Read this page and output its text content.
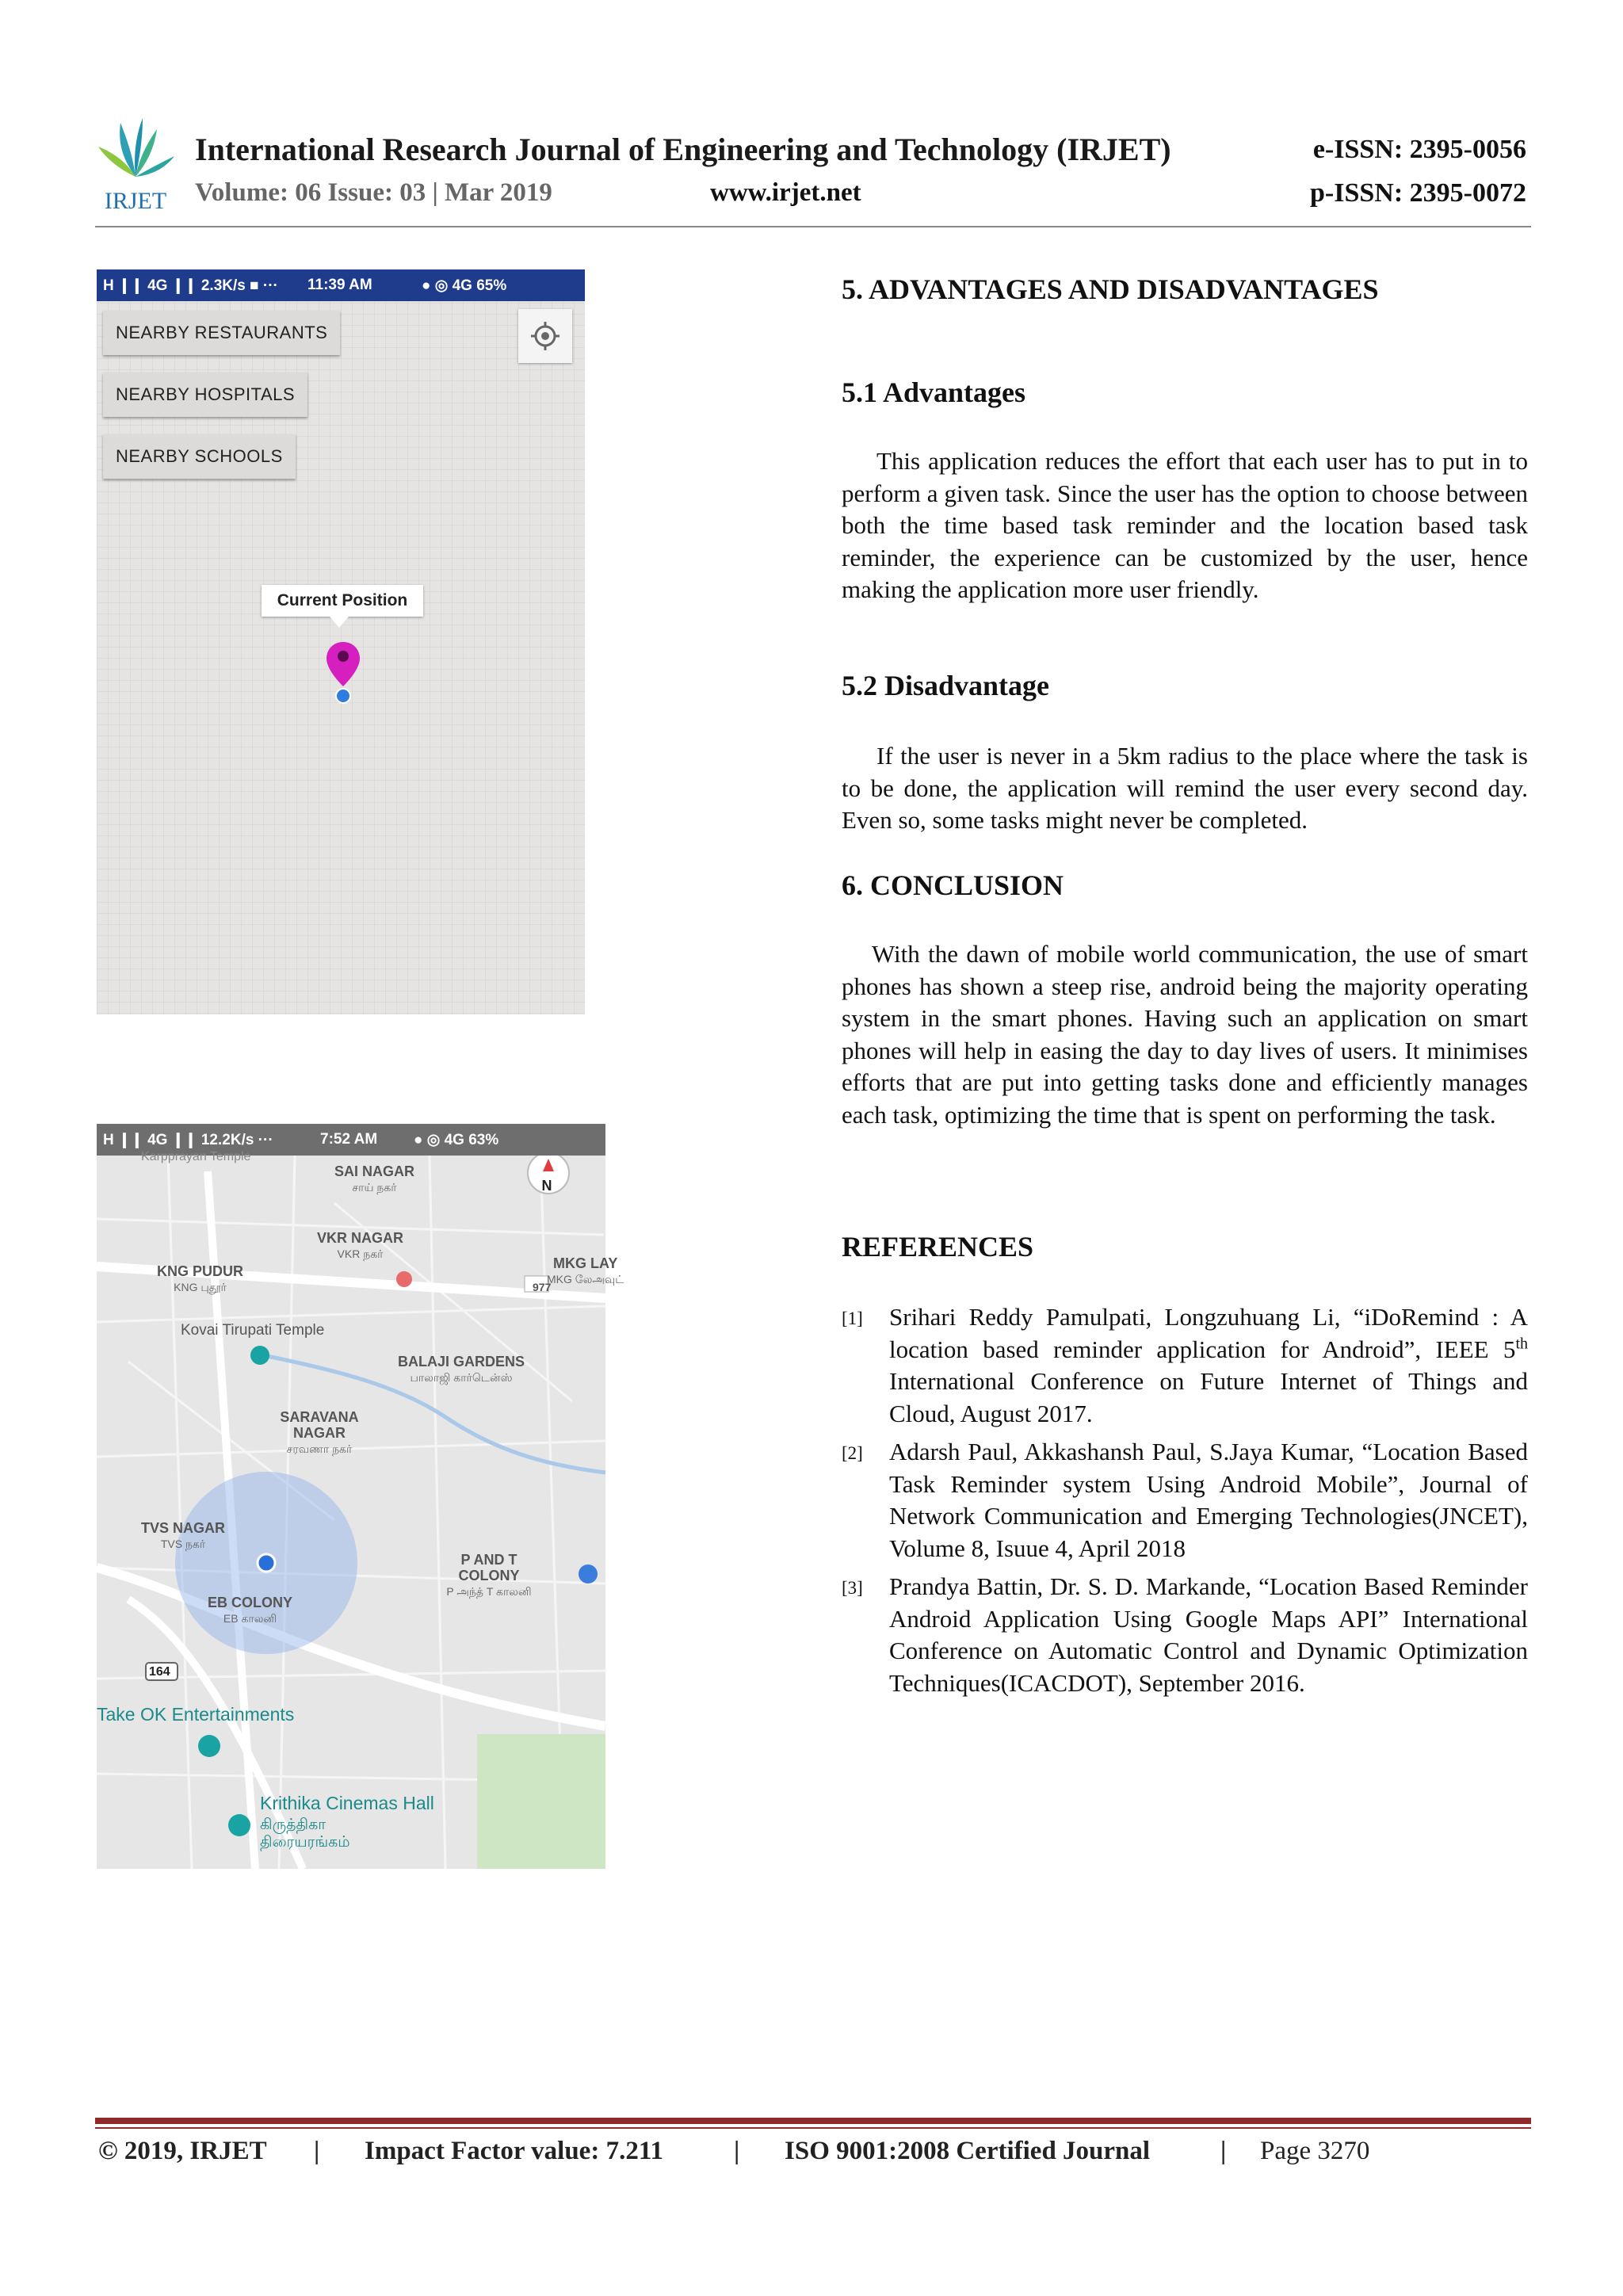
IRJET
International Research Journal of Engineering and Technology (IRJET)	e-ISSN: 2395-0056
Volume: 06 Issue: 03 | Mar 2019	www.irjet.net	p-ISSN: 2395-0072
H ❙❙ 4G ❙❙ 2.3K/s ■ ··· 11:39 AM	● ◎ 4G 65%
NEARBY RESTAURANTS
NEARBY HOSPITALS
NEARBY SCHOOLS
Current Position
H ❙❙ 4G ❙❙ 12.2K/s ···	7:52 AM ● ◎ 4G 63%
N
977
164
Karpprayan Temple
SAI NAGAR
சாய் நகர்
VKR NAGAR
VKR நகர்
KNG PUDUR
KNG புதூர்
MKG LAY
MKG லேஅவுட்
BALAJI GARDENS
பாலாஜி கார்டென்ஸ்
SARAVANA NAGAR
சரவணா நகர்
TVS NAGAR
TVS நகர்
P AND T COLONY
P அந்த் T காலனி
EB COLONY
EB காலனி
Kovai Tirupati Temple
Take OK Entertainments
Krithika Cinemas Hall
கிருத்திகா திரையரங்கம்
5. ADVANTAGES AND DISADVANTAGES
5.1 Advantages

This application reduces the effort that each user has to put in to perform a given task. Since the user has the option to choose between both the time based task reminder and the location based task reminder, the experience can be customized by the user, hence making the application more user friendly.

5.2 Disadvantage

If the user is never in a 5km radius to the place where the task is to be done, the application will remind the user every second day. Even so, some tasks might never be completed.

6. CONCLUSION

With the dawn of mobile world communication, the use of smart phones has shown a steep rise, android being the majority operating system in the smart phones. Having such an application on smart phones will help in easing the day to day lives of users. It minimises efforts that are put into getting tasks done and efficiently manages each task, optimizing the time that is spent on performing the task.

REFERENCES
[1] Srihari Reddy Pamulpati, Longzuhuang Li, “iDoRemind : A location based reminder application for Android”, IEEE 5th International Conference on Future Internet of Things and Cloud, August 2017.
[2] Adarsh Paul, Akkashansh Paul, S.Jaya Kumar, “Location Based Task Reminder system Using Android Mobile”, Journal of Network Communication and Emerging Technologies(JNCET), Volume 8, Isuue 4, April 2018
[3] Prandya Battin, Dr. S. D. Markande, “Location Based Reminder Android Application Using Google Maps API” International Conference on Automatic Control and Dynamic Optimization Techniques(ICACDOT), September 2016.
© 2019, IRJET | Impact Factor value: 7.211	| ISO 9001:2008 Certified Journal	| Page 3270
